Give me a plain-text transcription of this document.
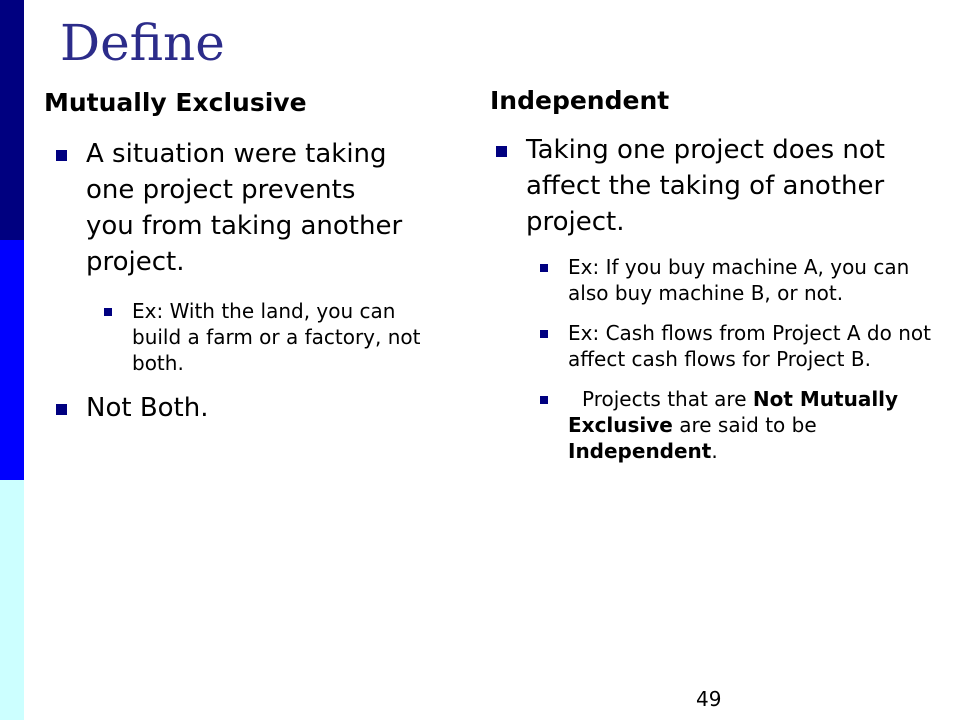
Define
Mutually Exclusive
A situation were taking one project prevents you from taking another project.
Ex: With the land, you can build a farm or a factory, not both.
Not Both.
Independent
Taking one project does not affect the taking of another project.
Ex: If you buy machine A, you can also buy machine B, or not.
Ex: Cash flows from Project A do not affect cash flows for Project B.
Projects that are Not Mutually Exclusive are said to be Independent.
49
